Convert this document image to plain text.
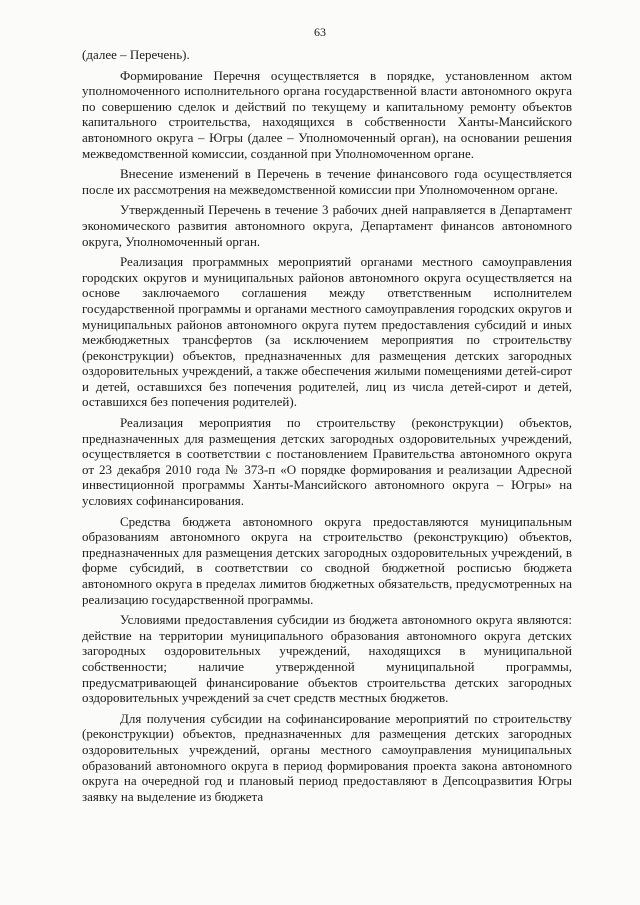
63

(далее – Перечень).

Формирование Перечня осуществляется в порядке, установленном актом уполномоченного исполнительного органа государственной власти автономного округа по совершению сделок и действий по текущему и капитальному ремонту объектов капитального строительства, находящихся в собственности Ханты-Мансийского автономного округа – Югры (далее – Уполномоченный орган), на основании решения межведомственной комиссии, созданной при Уполномоченном органе.

Внесение изменений в Перечень в течение финансового года осуществляется после их рассмотрения на межведомственной комиссии при Уполномоченном органе.

Утвержденный Перечень в течение 3 рабочих дней направляется в Департамент экономического развития автономного округа, Департамент финансов автономного округа, Уполномоченный орган.

Реализация программных мероприятий органами местного самоуправления городских округов и муниципальных районов автономного округа осуществляется на основе заключаемого соглашения между ответственным исполнителем государственной программы и органами местного самоуправления городских округов и муниципальных районов автономного округа путем предоставления субсидий и иных межбюджетных трансфертов (за исключением мероприятия по строительству (реконструкции) объектов, предназначенных для размещения детских загородных оздоровительных учреждений, а также обеспечения жилыми помещениями детей-сирот и детей, оставшихся без попечения родителей, лиц из числа детей-сирот и детей, оставшихся без попечения родителей).

Реализация мероприятия по строительству (реконструкции) объектов, предназначенных для размещения детских загородных оздоровительных учреждений, осуществляется в соответствии с постановлением Правительства автономного округа от 23 декабря 2010 года № 373-п «О порядке формирования и реализации Адресной инвестиционной программы Ханты-Мансийского автономного округа – Югры» на условиях софинансирования.

Средства бюджета автономного округа предоставляются муниципальным образованиям автономного округа на строительство (реконструкцию) объектов, предназначенных для размещения детских загородных оздоровительных учреждений, в форме субсидий, в соответствии со сводной бюджетной росписью бюджета автономного округа в пределах лимитов бюджетных обязательств, предусмотренных на реализацию государственной программы.

Условиями предоставления субсидии из бюджета автономного округа являются: действие на территории муниципального образования автономного округа детских загородных оздоровительных учреждений, находящихся в муниципальной собственности; наличие утвержденной муниципальной программы, предусматривающей финансирование объектов строительства детских загородных оздоровительных учреждений за счет средств местных бюджетов.

Для получения субсидии на софинансирование мероприятий по строительству (реконструкции) объектов, предназначенных для размещения детских загородных оздоровительных учреждений, органы местного самоуправления муниципальных образований автономного округа в период формирования проекта закона автономного округа на очередной год и плановый период предоставляют в Депсоцразвития Югры заявку на выделение из бюджета
